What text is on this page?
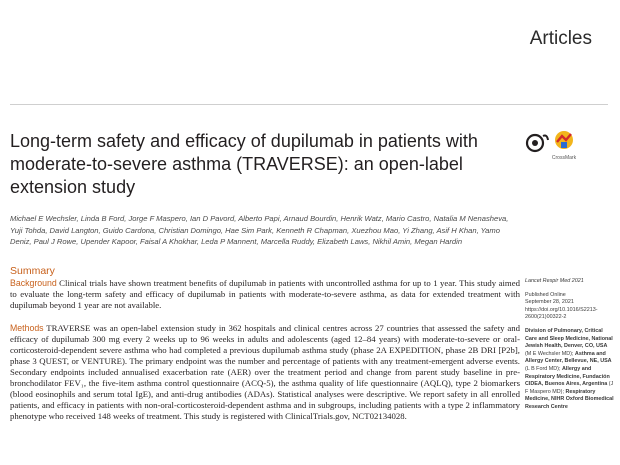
Articles
Long-term safety and efficacy of dupilumab in patients with moderate-to-severe asthma (TRAVERSE): an open-label extension study
CrossMark
Michael E Wechsler, Linda B Ford, Jorge F Maspero, Ian D Pavord, Alberto Papi, Arnaud Bourdin, Henrik Watz, Mario Castro, Natalia M Nenasheva, Yuji Tohda, David Langton, Guido Cardona, Christian Domingo, Hae Sim Park, Kenneth R Chapman, Xuezhou Mao, Yi Zhang, Asif H Khan, Yamo Deniz, Paul J Rowe, Upender Kapoor, Faisal A Khokhar, Leda P Mannent, Marcella Ruddy, Elizabeth Laws, Nikhil Amin, Megan Hardin
Summary
Background Clinical trials have shown treatment benefits of dupilumab in patients with uncontrolled asthma for up to 1 year. This study aimed to evaluate the long-term safety and efficacy of dupilumab in patients with moderate-to-severe asthma, as data for extended treatment with dupilumab beyond 1 year are not available.
Methods TRAVERSE was an open-label extension study in 362 hospitals and clinical centres across 27 countries that assessed the safety and efficacy of dupilumab 300 mg every 2 weeks up to 96 weeks in adults and adolescents (aged 12–84 years) with moderate-to-severe or oral-corticosteroid-dependent severe asthma who had completed a previous dupilumab asthma study (phase 2A EXPEDITION, phase 2B DRI [P2b], phase 3 QUEST, or VENTURE). The primary endpoint was the number and percentage of patients with any treatment-emergent adverse events. Secondary endpoints included annualised exacerbation rate (AER) over the treatment period and change from parent study baseline in pre-bronchodilator FEV₁, the five-item asthma control questionnaire (ACQ-5), the asthma quality of life questionnaire (AQLQ), type 2 biomarkers (blood eosinophils and serum total IgE), and anti-drug antibodies (ADAs). Statistical analyses were descriptive. We report safety in all enrolled patients, and efficacy in patients with non-oral-corticosteroid-dependent asthma and in subgroups, including patients with a type 2 inflammatory phenotype who received 148 weeks of treatment. This study is registered with ClinicalTrials.gov, NCT02134028.
Lancet Respir Med 2021
Published Online
September 28, 2021
https://doi.org/10.1016/S2213-2600(21)00322-2
Division of Pulmonary, Critical Care and Sleep Medicine, National Jewish Health, Denver, CO, USA (M E Wechsler MD); Asthma and Allergy Center, Bellevue, NE, USA (L B Ford MD); Allergy and Respiratory Medicine, Fundación CIDEA, Buenos Aires, Argentina (J F Maspero MD); Respiratory Medicine, NIHR Oxford Biomedical Research Centre
